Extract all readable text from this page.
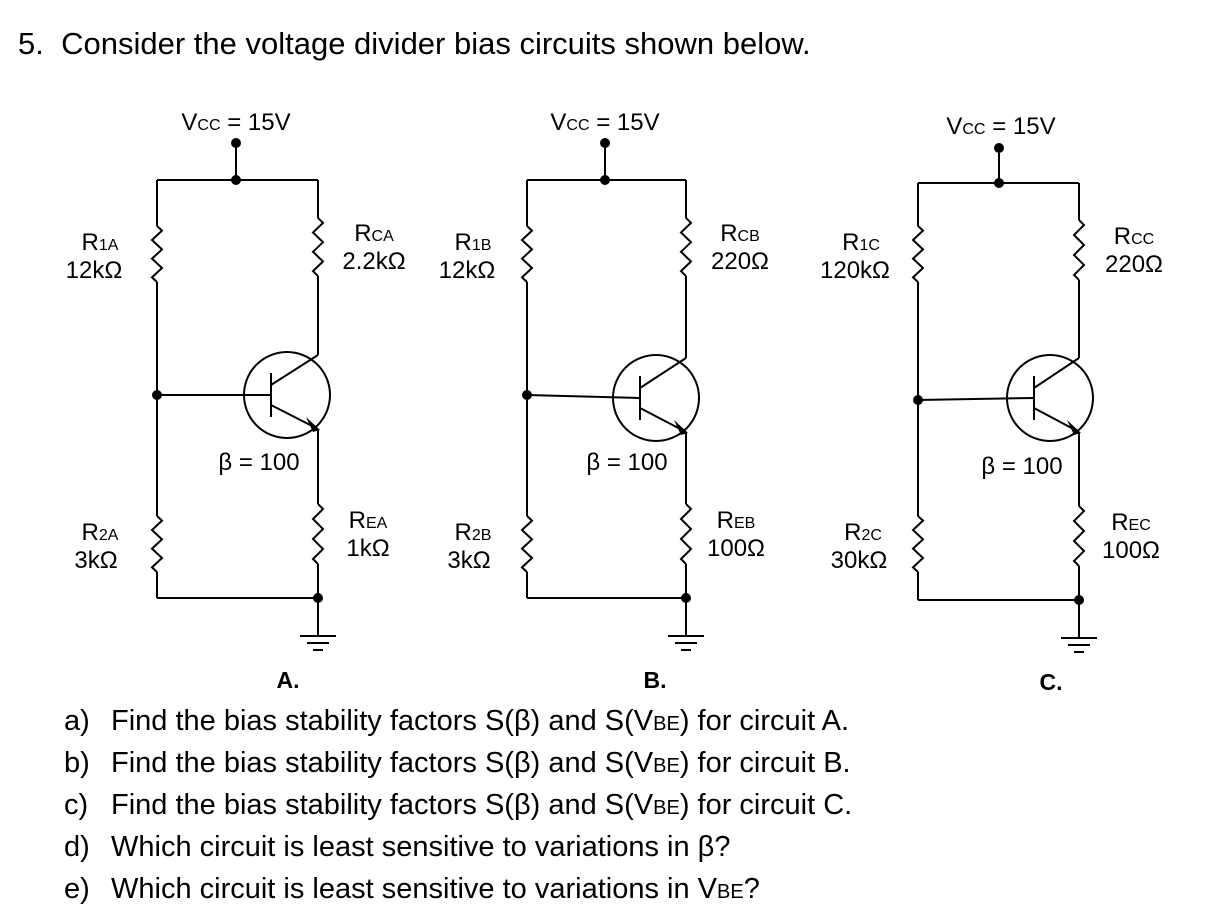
5. Consider the voltage divider bias circuits shown below.
VCC = 15V
R1A
12kΩ
R2A
3kΩ
RCA
2.2kΩ
REA
1kΩ
β = 100
A.
VCC = 15V
R1B
12kΩ
R2B
3kΩ
RCB
220Ω
REB
100Ω
β = 100
B.
VCC = 15V
R1C
120kΩ
R2C
30kΩ
RCC
220Ω
REC
100Ω
β = 100
C.
a) Find the bias stability factors S(β) and S(VBE) for circuit A.
b) Find the bias stability factors S(β) and S(VBE) for circuit B.
c) Find the bias stability factors S(β) and S(VBE) for circuit C.
d) Which circuit is least sensitive to variations in β?
e) Which circuit is least sensitive to variations in VBE?
